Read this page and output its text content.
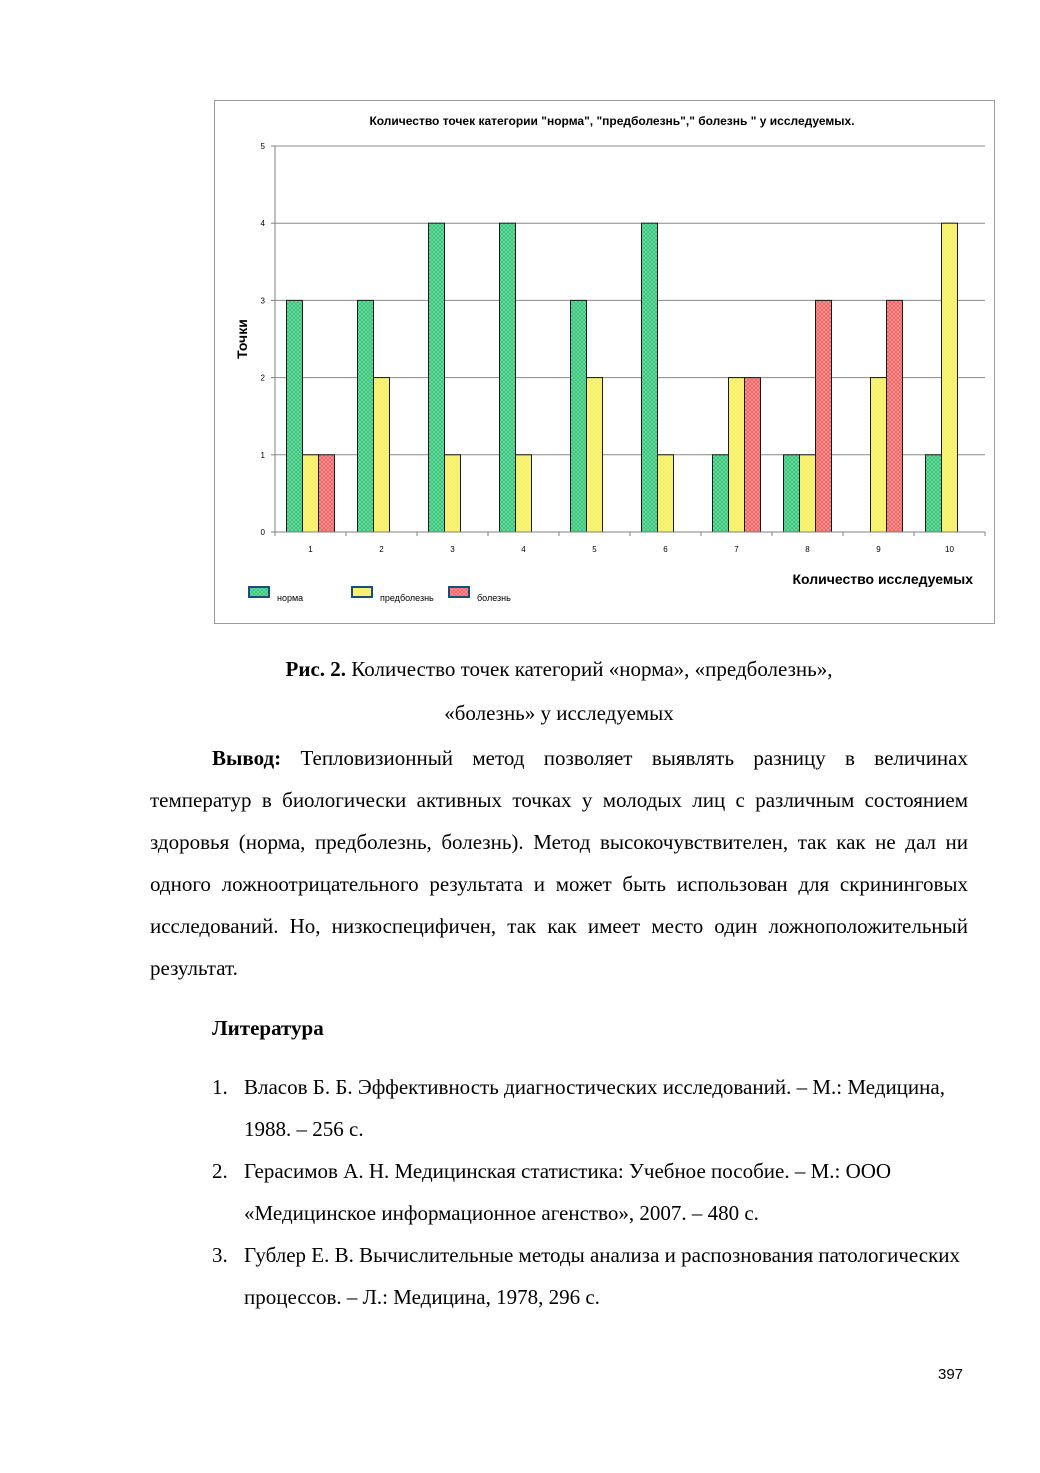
Количество точек категории "норма", "предболезнь"," болезнь " у исследуемых.
0
1
2
3
4
5
1	2	3	4	5	6	7	8	9	10
Точки
Количество исследуемых
норма	предболезнь	болезнь
Рис. 2. Количество точек категорий «норма», «предболезнь»,
«болезнь» у исследуемых
Вывод: Тепловизионный метод позволяет выявлять разницу в величинах температур в биологически активных точках у молодых лиц с различным состоянием здоровья (норма, предболезнь, болезнь). Метод высокочувствителен, так как не дал ни одного ложноотрицательного результата и может быть использован для скрининговых исследований. Но, низкоспецифичен, так как имеет место один ложноположительный результат.
Литература
1. Власов Б. Б. Эффективность диагностических исследований. – М.: Медицина, 1988. – 256 с.
2. Герасимов А. Н. Медицинская статистика: Учебное пособие. – М.: ООО «Медицинское информационное агенство», 2007. – 480 с.
3. Гублер Е. В. Вычислительные методы анализа и распознования патологических процессов. – Л.: Медицина, 1978, 296 с.
397
